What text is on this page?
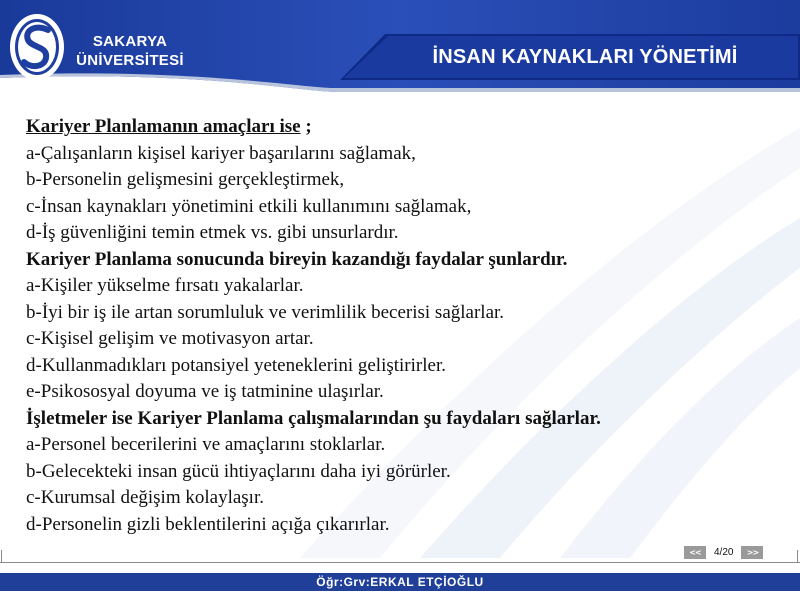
SAKARYA
ÜNİVERSİTESİ	İNSAN KAYNAKLARI YÖNETİMİ
Kariyer Planlamanın amaçları ise ;
a-Çalışanların kişisel kariyer başarılarını sağlamak,
b-Personelin gelişmesini gerçekleştirmek,
c-İnsan kaynakları yönetimini etkili kullanımını sağlamak,
d-İş güvenliğini temin etmek vs. gibi unsurlardır.
Kariyer Planlama sonucunda bireyin kazandığı faydalar şunlardır.
a-Kişiler yükselme fırsatı yakalarlar.
b-İyi bir iş ile artan sorumluluk ve verimlilik becerisi sağlarlar.
c-Kişisel gelişim ve motivasyon artar.
d-Kullanmadıkları potansiyel yeteneklerini geliştirirler.
e-Psikososyal doyuma ve iş tatminine ulaşırlar.
İşletmeler ise Kariyer Planlama çalışmalarından şu faydaları sağlarlar.
a-Personel becerilerini ve amaçlarını stoklarlar.
b-Gelecekteki insan gücü ihtiyaçlarını daha iyi görürler.
c-Kurumsal değişim kolaylaşır.
d-Personelin gizli beklentilerini açığa çıkarırlar.
<< 4/20 >>
Öğr:Grv:ERKAL ETÇİOĞLU
